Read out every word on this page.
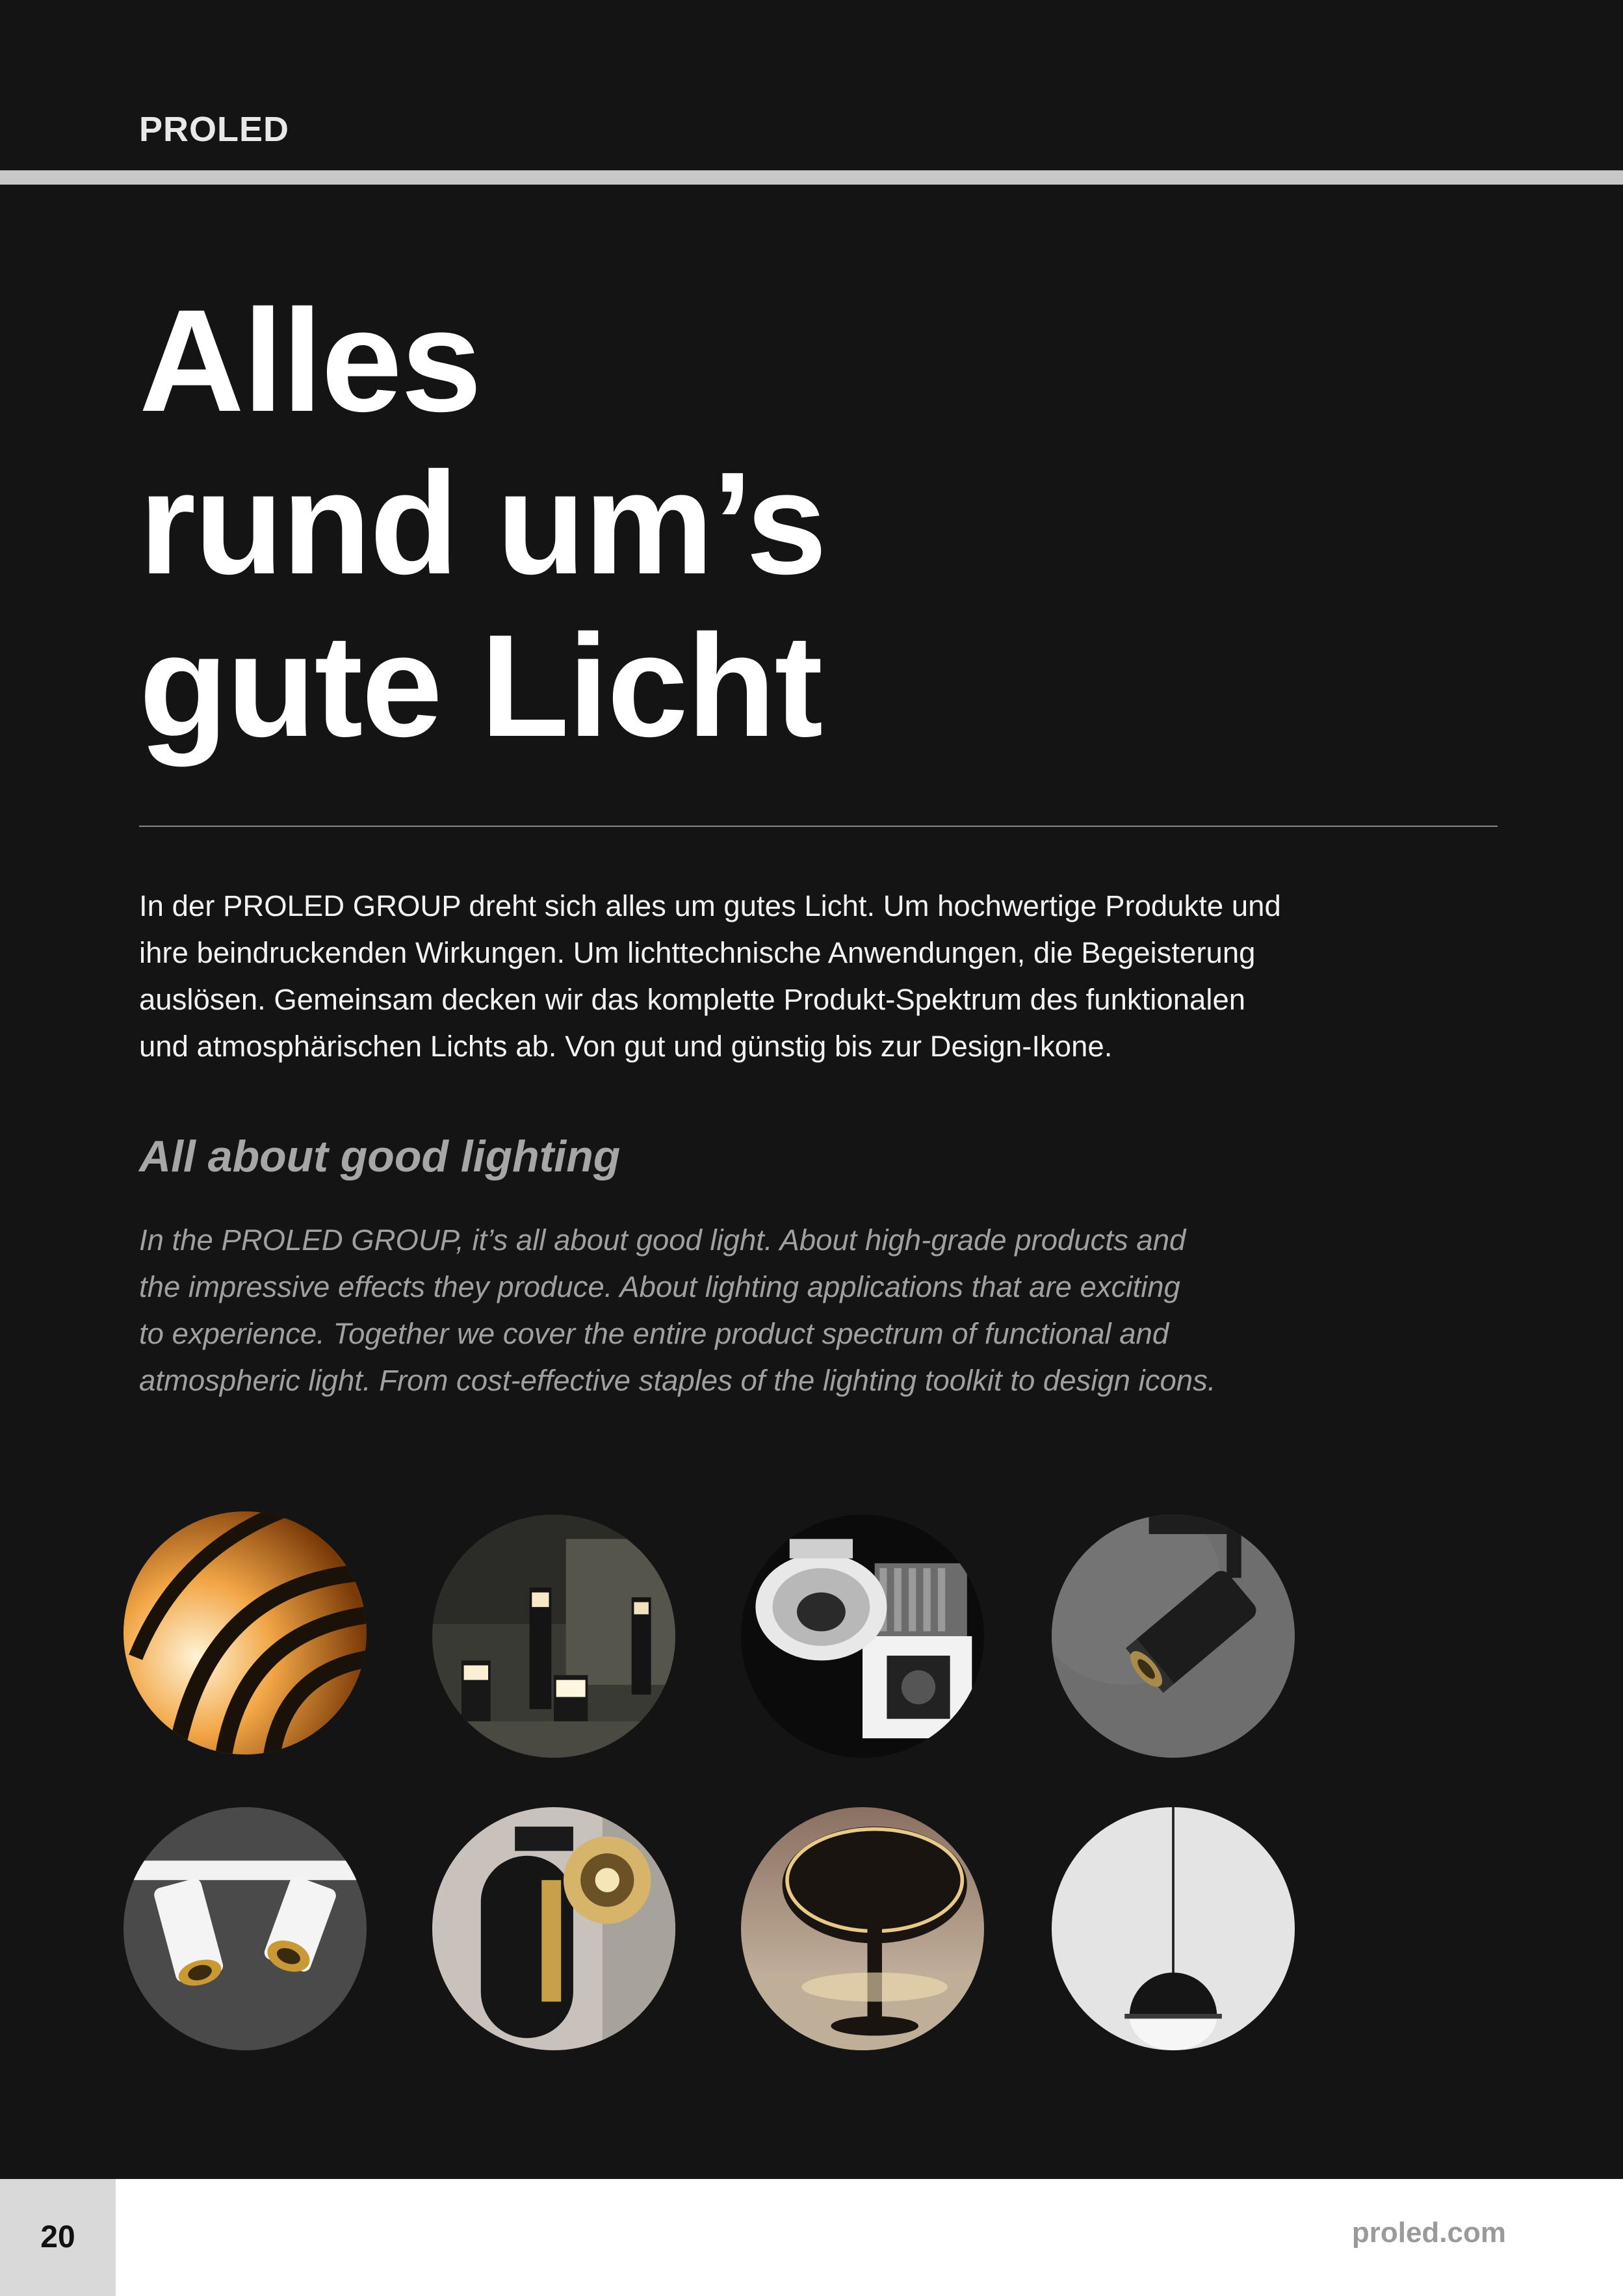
PROLED
Alles
rund um’s
gute Licht
In der PROLED GROUP dreht sich alles um gutes Licht. Um hochwertige Produkte und
ihre beindruckenden Wirkungen. Um lichttechnische Anwendungen, die Begeisterung
auslösen. Gemeinsam decken wir das komplette Produkt-Spektrum des funktionalen
und atmosphärischen Lichts ab. Von gut und günstig bis zur Design-Ikone.
All about good lighting
In the PROLED GROUP, it’s all about good light. About high-grade products and
the impressive effects they produce. About lighting applications that are exciting
to experience. Together we cover the entire product spectrum of functional and
atmospheric light. From cost-effective staples of the lighting toolkit to design icons.
20	proled.com
